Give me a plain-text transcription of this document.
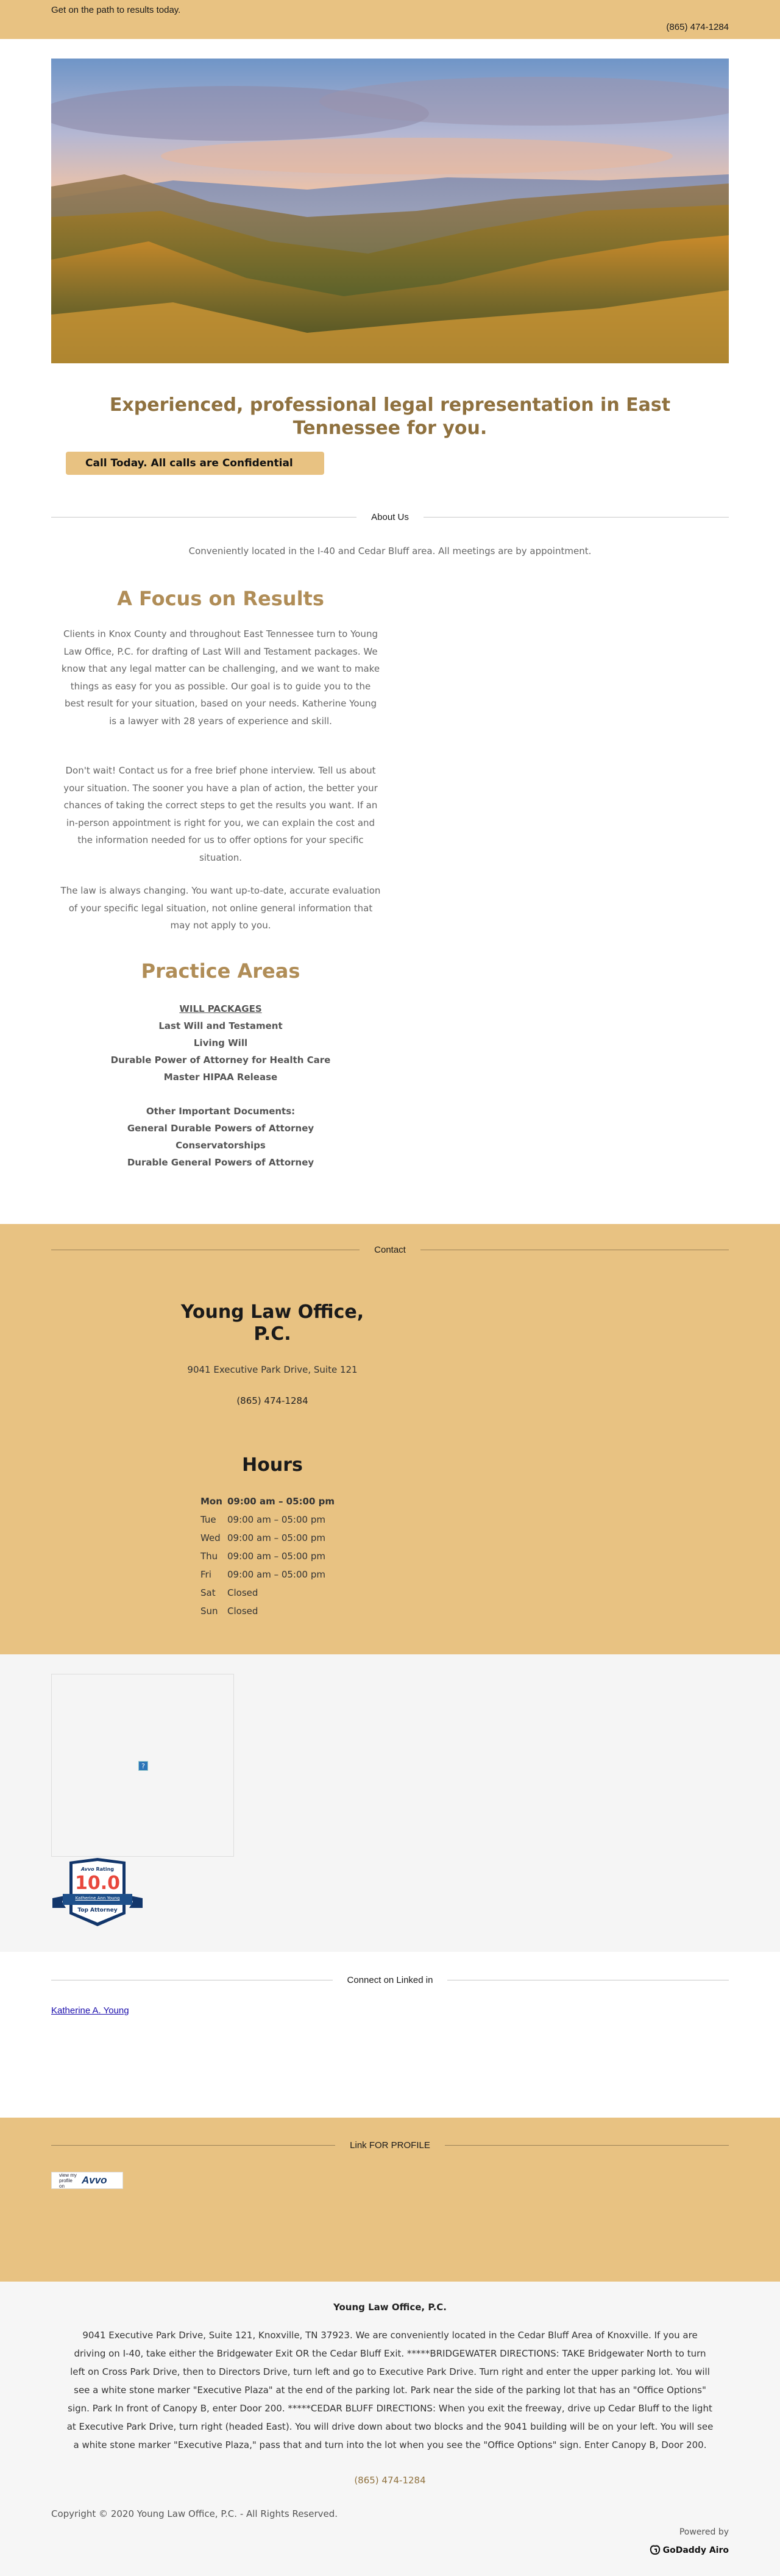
Get on the path to results today.
(865) 474-1284
Experienced, professional legal representation in East Tennessee for you.
Call Today. All calls are Confidential
About Us

Conveniently located in the I-40 and Cedar Bluff area. All meetings are by appointment.

A Focus on Results

Clients in Knox County and throughout East Tennessee turn to Young Law Office, P.C. for drafting of Last Will and Testament packages. We know that any legal matter can be challenging, and we want to make things as easy for you as possible. Our goal is to guide you to the best result for your situation, based on your needs. Katherine Young is a lawyer with 28 years of experience and skill.

Don't wait! Contact us for a free brief phone interview. Tell us about your situation. The sooner you have a plan of action, the better your chances of taking the correct steps to get the results you want. If an in-person appointment is right for you, we can explain the cost and the information needed for us to offer options for your specific situation.

The law is always changing. You want up-to-date, accurate evaluation of your specific legal situation, not online general information that may not apply to you.

Practice Areas
WILL PACKAGES
Last Will and Testament
Living Will
Durable Power of Attorney for Health Care
Master HIPAA Release

Other Important Documents:
General Durable Powers of Attorney
Conservatorships
Durable General Powers of Attorney
Contact
Young Law Office, P.C.

9041 Executive Park Drive, Suite 121

(865) 474-1284
Hours
Mon	09:00 am – 05:00 pm
Tue	09:00 am – 05:00 pm
Wed	09:00 am – 05:00 pm
Thu	09:00 am – 05:00 pm
Fri	09:00 am – 05:00 pm
Sat	Closed
Sun	Closed
?
Avvo Rating
10.0
Katherine Ann Young
Top Attorney
Connect on Linked in
Katherine A. Young
Link FOR PROFILE
view my profile on	Avvo
Young Law Office, P.C.

9041 Executive Park Drive, Suite 121, Knoxville, TN 37923. We are conveniently located in the Cedar Bluff Area of Knoxville. If you are driving on I-40, take either the Bridgewater Exit OR the Cedar Bluff Exit. *****BRIDGEWATER DIRECTIONS: TAKE Bridgewater North to turn left on Cross Park Drive, then to Directors Drive, turn left and go to Executive Park Drive. Turn right and enter the upper parking lot. You will see a white stone marker "Executive Plaza" at the end of the parking lot. Park near the side of the parking lot that has an "Office Options" sign. Park In front of Canopy B, enter Door 200. *****CEDAR BLUFF DIRECTIONS: When you exit the freeway, drive up Cedar Bluff to the light at Executive Park Drive, turn right (headed East). You will drive down about two blocks and the 9041 building will be on your left. You will see a white stone marker "Executive Plaza," pass that and turn into the lot when you see the "Office Options" sign. Enter Canopy B, Door 200.

(865) 474-1284
Copyright © 2020 Young Law Office, P.C. - All Rights Reserved.
Powered by
GoDaddy Airo
